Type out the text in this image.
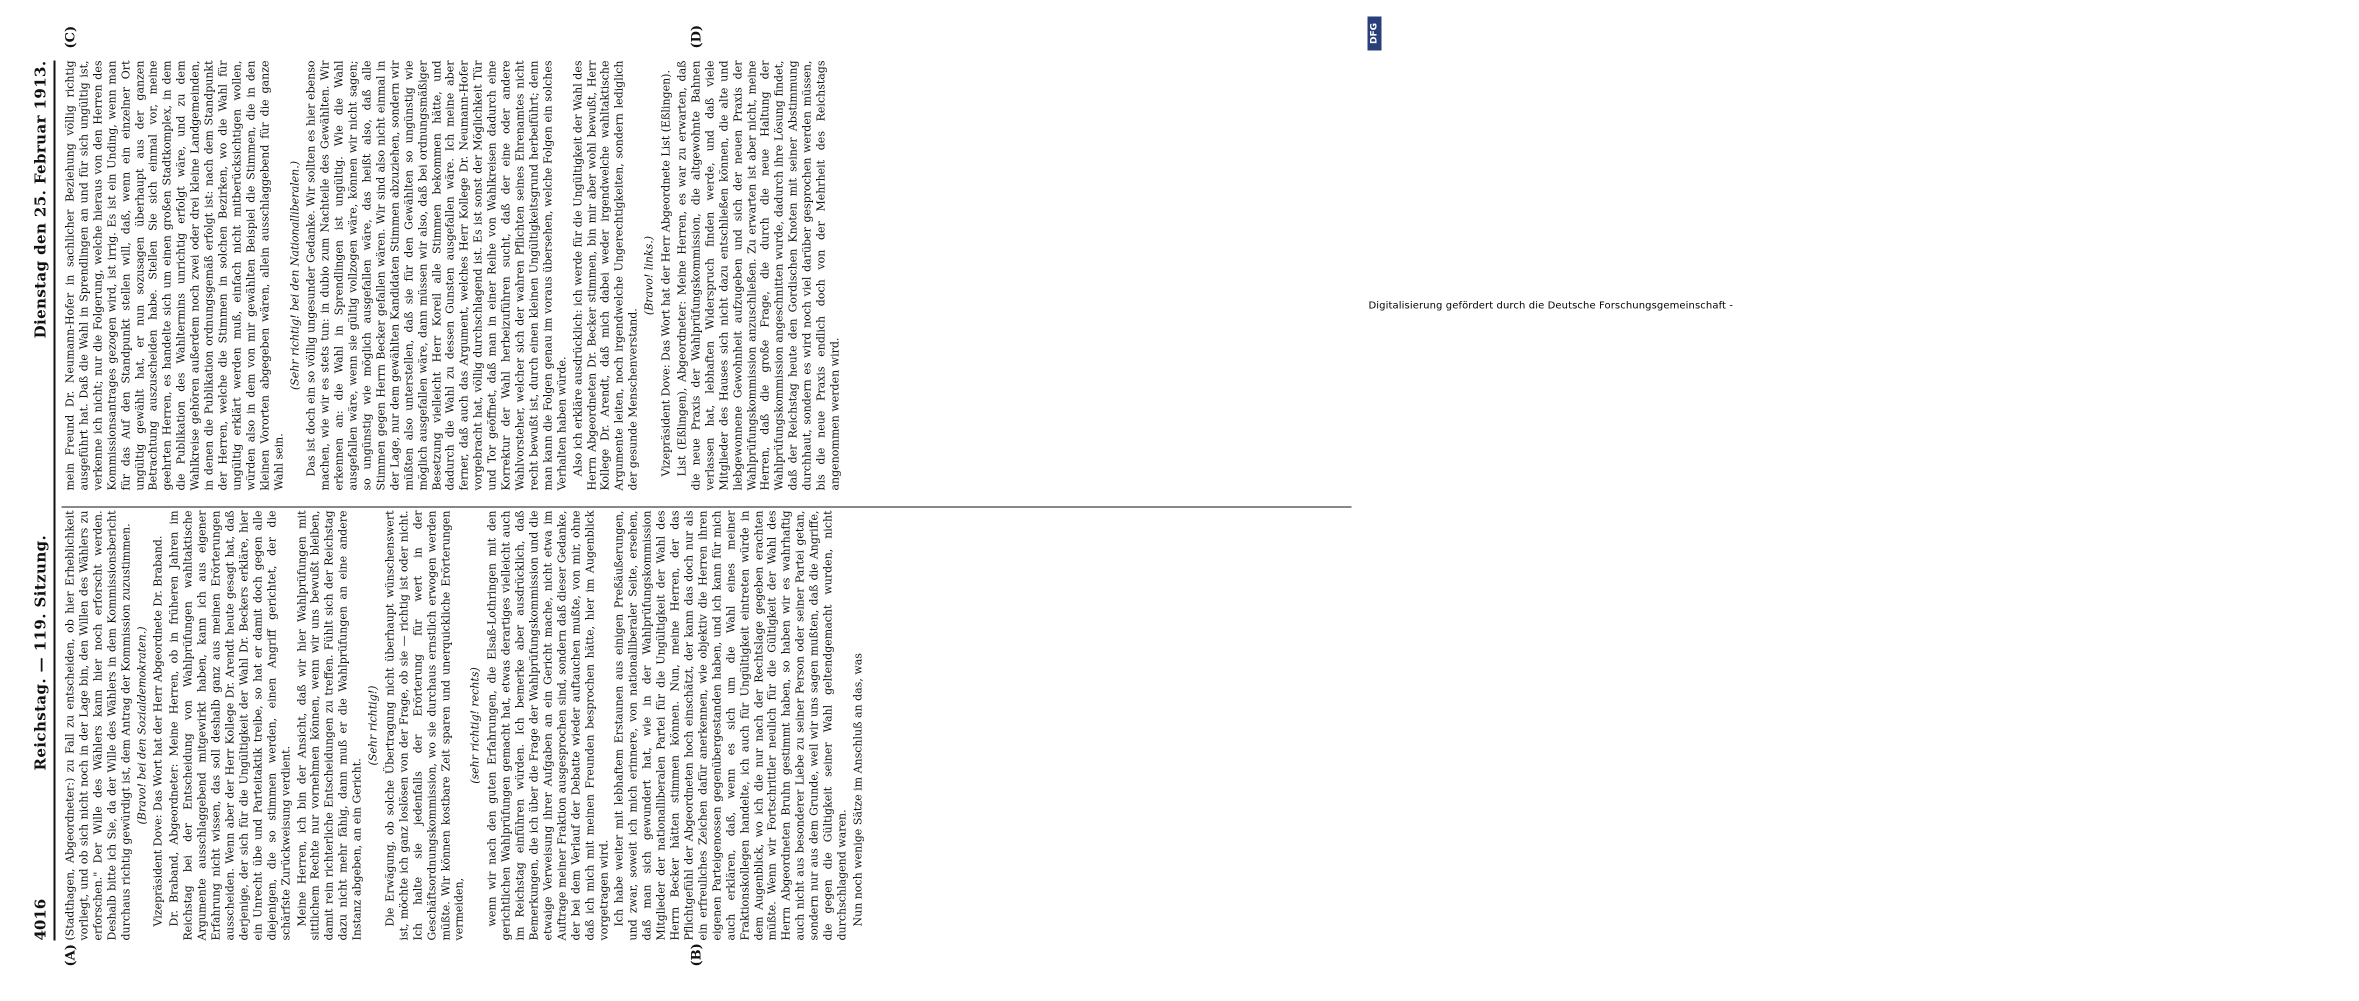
4016
Reichstag. — 119. Sitzung.
Dienstag den 25. Februar 1913.
(A)	(B)
(C)	(D)

(Stadthagen, Abgeordneter:) zu Fall zu entscheiden, ob hier Erheblichkeit vorliegt, und ob sich nicht noch in der Lage bin, den Willen des Wählers zu erforschen." Der Wille des Wählers kann hier noch erforscht werden. Deshalb bitte ich Sie, da der Wille des Wählers in dem Kommissionsbericht durchaus richtig gewürdigt ist, dem Antrag der Kommission zuzustimmen. (Bravo! bei den Sozialdemokraten.) Vizepräsident Dove: Das Wort hat der Herr Abgeordnete Dr. Braband. Dr. Braband, Abgeordneter: Meine Herren, ob in früheren Jahren im Reichstag bei der Entscheidung von Wahlprüfungen wahltaktische Argumente ausschlaggebend mitgewirkt haben, kann ich aus eigener Erfahrung nicht wissen, das soll deshalb ganz aus meinen Erörterungen ausscheiden. Wenn aber der Herr Kollege Dr. Arendt heute gesagt hat, daß derjenige, der sich für die Ungültigkeit der Wahl Dr. Beckers erkläre, hier ein Unrecht übe und Parteitaktik treibe, so hat er damit doch gegen alle diejenigen, die so stimmen werden, einen Angriff gerichtet, der die schärfste Zurückweisung verdient. Meine Herren, ich bin der Ansicht, daß wir hier Wahlprüfungen mit sittlichem Rechte nur vornehmen können, wenn wir uns bewußt bleiben, damit rein richterliche Entscheidungen zu treffen. Fühlt sich der Reichstag dazu nicht mehr fähig, dann muß er die Wahlprüfungen an eine andere Instanz abgeben, an ein Gericht.

(Sehr richtig!) Die Erwägung, ob solche Übertragung nicht überhaupt wünschenswert ist, möchte ich ganz loslösen von der Frage, ob sie — richtig ist oder nicht. Ich halte sie jedenfalls der Erörterung für wert in der Geschäftsordnungskommission, wo sie durchaus ernstlich erwogen werden müßte. Wir können kostbare Zeit sparen und unerquickliche Erörterungen vermeiden,

(sehr richtig! rechts) wenn wir nach den guten Erfahrungen, die Elsaß-Lothringen mit den gerichtlichen Wahlprüfungen gemacht hat, etwas derartiges vielleicht auch im Reichstag einführen würden. Ich bemerke aber ausdrücklich, daß Bemerkungen, die ich über die Frage der Wahlprüfungskommission und die etwaige Verweisung ihrer Aufgaben an ein Gericht mache, nicht etwa im Auftrage meiner Fraktion ausgesprochen sind, sondern daß dieser Gedanke, der bei dem Verlauf der Debatte wieder auftauchen mußte, von mir, ohne daß ich mich mit meinen Freunden besprochen hätte, hier im Augenblick vorgetragen wird. Ich habe weiter mit lebhaftem Erstaunen aus einigen Preßäußerungen, und zwar, soweit ich mich erinnere, von nationalliberaler Seite, ersehen, daß man sich gewundert hat, wie in der Wahlprüfungskommission Mitglieder der nationalliberalen Partei für die Ungültigkeit der Wahl des Herrn Becker hätten stimmen können. Nun, meine Herren, der das Pflichtgefühl der Abgeordneten hoch einschätzt, der kann das doch nur als ein erfreuliches Zeichen dafür anerkennen, wie objektiv die Herren ihren eigenen Parteigenossen gegenübergestanden haben, und ich kann für mich auch erklären, daß, wenn es sich um die Wahl eines meiner Fraktionskollegen handelte, ich auch für Ungültigkeit eintreten würde in dem Augenblick, wo ich die nur nach der Rechtslage gegeben erachten müßte. Wenn wir Fortschrittler neulich für die Gültigkeit der Wahl des Herrn Abgeordneten Bruhn gestimmt haben, so haben wir es wahrhaftig auch nicht aus besonderer Liebe zu seiner Person oder seiner Partei getan, sondern nur aus dem Grunde, weil wir uns sagen mußten, daß die Angriffe, die gegen die Gültigkeit seiner Wahl geltendgemacht wurden, nicht durchschlagend waren. Nun noch wenige Sätze im Anschluß an das, was

mein Freund Dr. Neumann-Hofer in sachlicher Beziehung völlig richtig ausgeführt hat. Daß die Wahl in Sprendlingen an und für sich ungültig ist, verkenne ich nicht; nur die Folgerung, welche hieraus von den Herren des Kommissionsantrages gezogen wird, ist irrig. Es ist ein Unding, wenn man für das Auf den Standpunkt stellen will, daß, wenn ein einzelner Ort ungültig gewählt hat, er nun sozusagen überhaupt aus der ganzen Betrachtung auszuscheiden habe. Stellen Sie sich einmal vor, meine geehrten Herren, es handelte sich um einen großen Stadtkomplex, in dem die Publikation des Wahltermins unrichtig erfolgt wäre, und zu dem Wahlkreise gehören außerdem noch zwei oder drei kleine Landgemeinden, in denen die Publikation ordnungsgemäß erfolgt ist: nach dem Standpunkt der Herren, welche die Stimmen in solchen Bezirken, wo die Wahl für ungültig erklärt werden muß, einfach nicht mitberücksichtigen wollen, würden also in dem von mir gewählten Beispiel die Stimmen, die in den kleinen Vororten abgegeben wären, allein ausschlaggebend für die ganze Wahl sein.

(Sehr richtig! bei den Nationalliberalen.) Das ist doch ein so völlig ungesunder Gedanke. Wir sollten es hier ebenso machen, wie wir es stets tun: in dubio zum Nachteile des Gewählten. Wir erkennen an: die Wahl in Sprendlingen ist ungültig. Wie die Wahl ausgefallen wäre, wenn sie gültig vollzogen wäre, können wir nicht sagen; so ungünstig wie möglich ausgefallen wäre, das heißt also, daß alle Stimmen gegen Herrn Becker gefallen wären. Wir sind also nicht einmal in der Lage, nur dem gewählten Kandidaten Stimmen abzuziehen, sondern wir müßten also unterstellen, daß sie für den Gewählten so ungünstig wie möglich ausgefallen wäre, dann müssen wir also, daß bei ordnungsmäßiger Besetzung vielleicht Herr Koreil alle Stimmen bekommen hätte, und dadurch die Wahl zu dessen Gunsten ausgefallen wäre. Ich meine aber ferner, daß auch das Argument, welches Herr Kollege Dr. Neumann-Hofer vorgebracht hat, völlig durchschlagend ist. Es ist sonst der Möglichkeit Tür und Tor geöffnet, daß man in einer Reihe von Wahlkreisen dadurch eine Korrektur der Wahl herbeizuführen sucht, daß der eine oder andere Wahlvorsteher, welcher sich der wahren Pflichten seines Ehrenamtes nicht recht bewußt ist, durch einen kleinen Ungültigkeitsgrund herbeiführt; denn man kann die Folgen genau im voraus übersehen, welche Folgen ein solches Verhalten haben würde. Also ich erkläre ausdrücklich: ich werde für die Ungültigkeit der Wahl des Herrn Abgeordneten Dr. Becker stimmen, bin mir aber wohl bewußt, Herr Kollege Dr. Arendt, daß mich dabei weder irgendwelche wahltaktische Argumente leiten, noch irgendwelche Ungerechtigkeiten, sondern lediglich der gesunde Menschenverstand.

(Bravo! links.) Vizepräsident Dove: Das Wort hat der Herr Abgeordnete List (Eßlingen). List (Eßlingen), Abgeordneter: Meine Herren, es war zu erwarten, daß die neue Praxis der Wahlprüfungskommission, die altgewohnte Bahnen verlassen hat, lebhaften Widerspruch finden werde, und daß viele Mitglieder des Hauses sich nicht dazu entschließen können, die alte und liebgewonnene Gewohnheit aufzugeben und sich der neuen Praxis der Wahlprüfungskommission anzuschließen. Zu erwarten ist aber nicht, meine Herren, daß die große Frage, die durch die neue Haltung der Wahlprüfungskommission angeschnitten wurde, dadurch ihre Lösung findet, daß der Reichstag heute den Gordischen Knoten mit seiner Abstimmung durchhaut, sondern es wird noch viel darüber gesprochen werden müssen, bis die neue Praxis endlich doch von der Mehrheit des Reichstags angenommen werden wird.

Digitalisierung gefördert durch die Deutsche Forschungsgemeinschaft -
DFG
